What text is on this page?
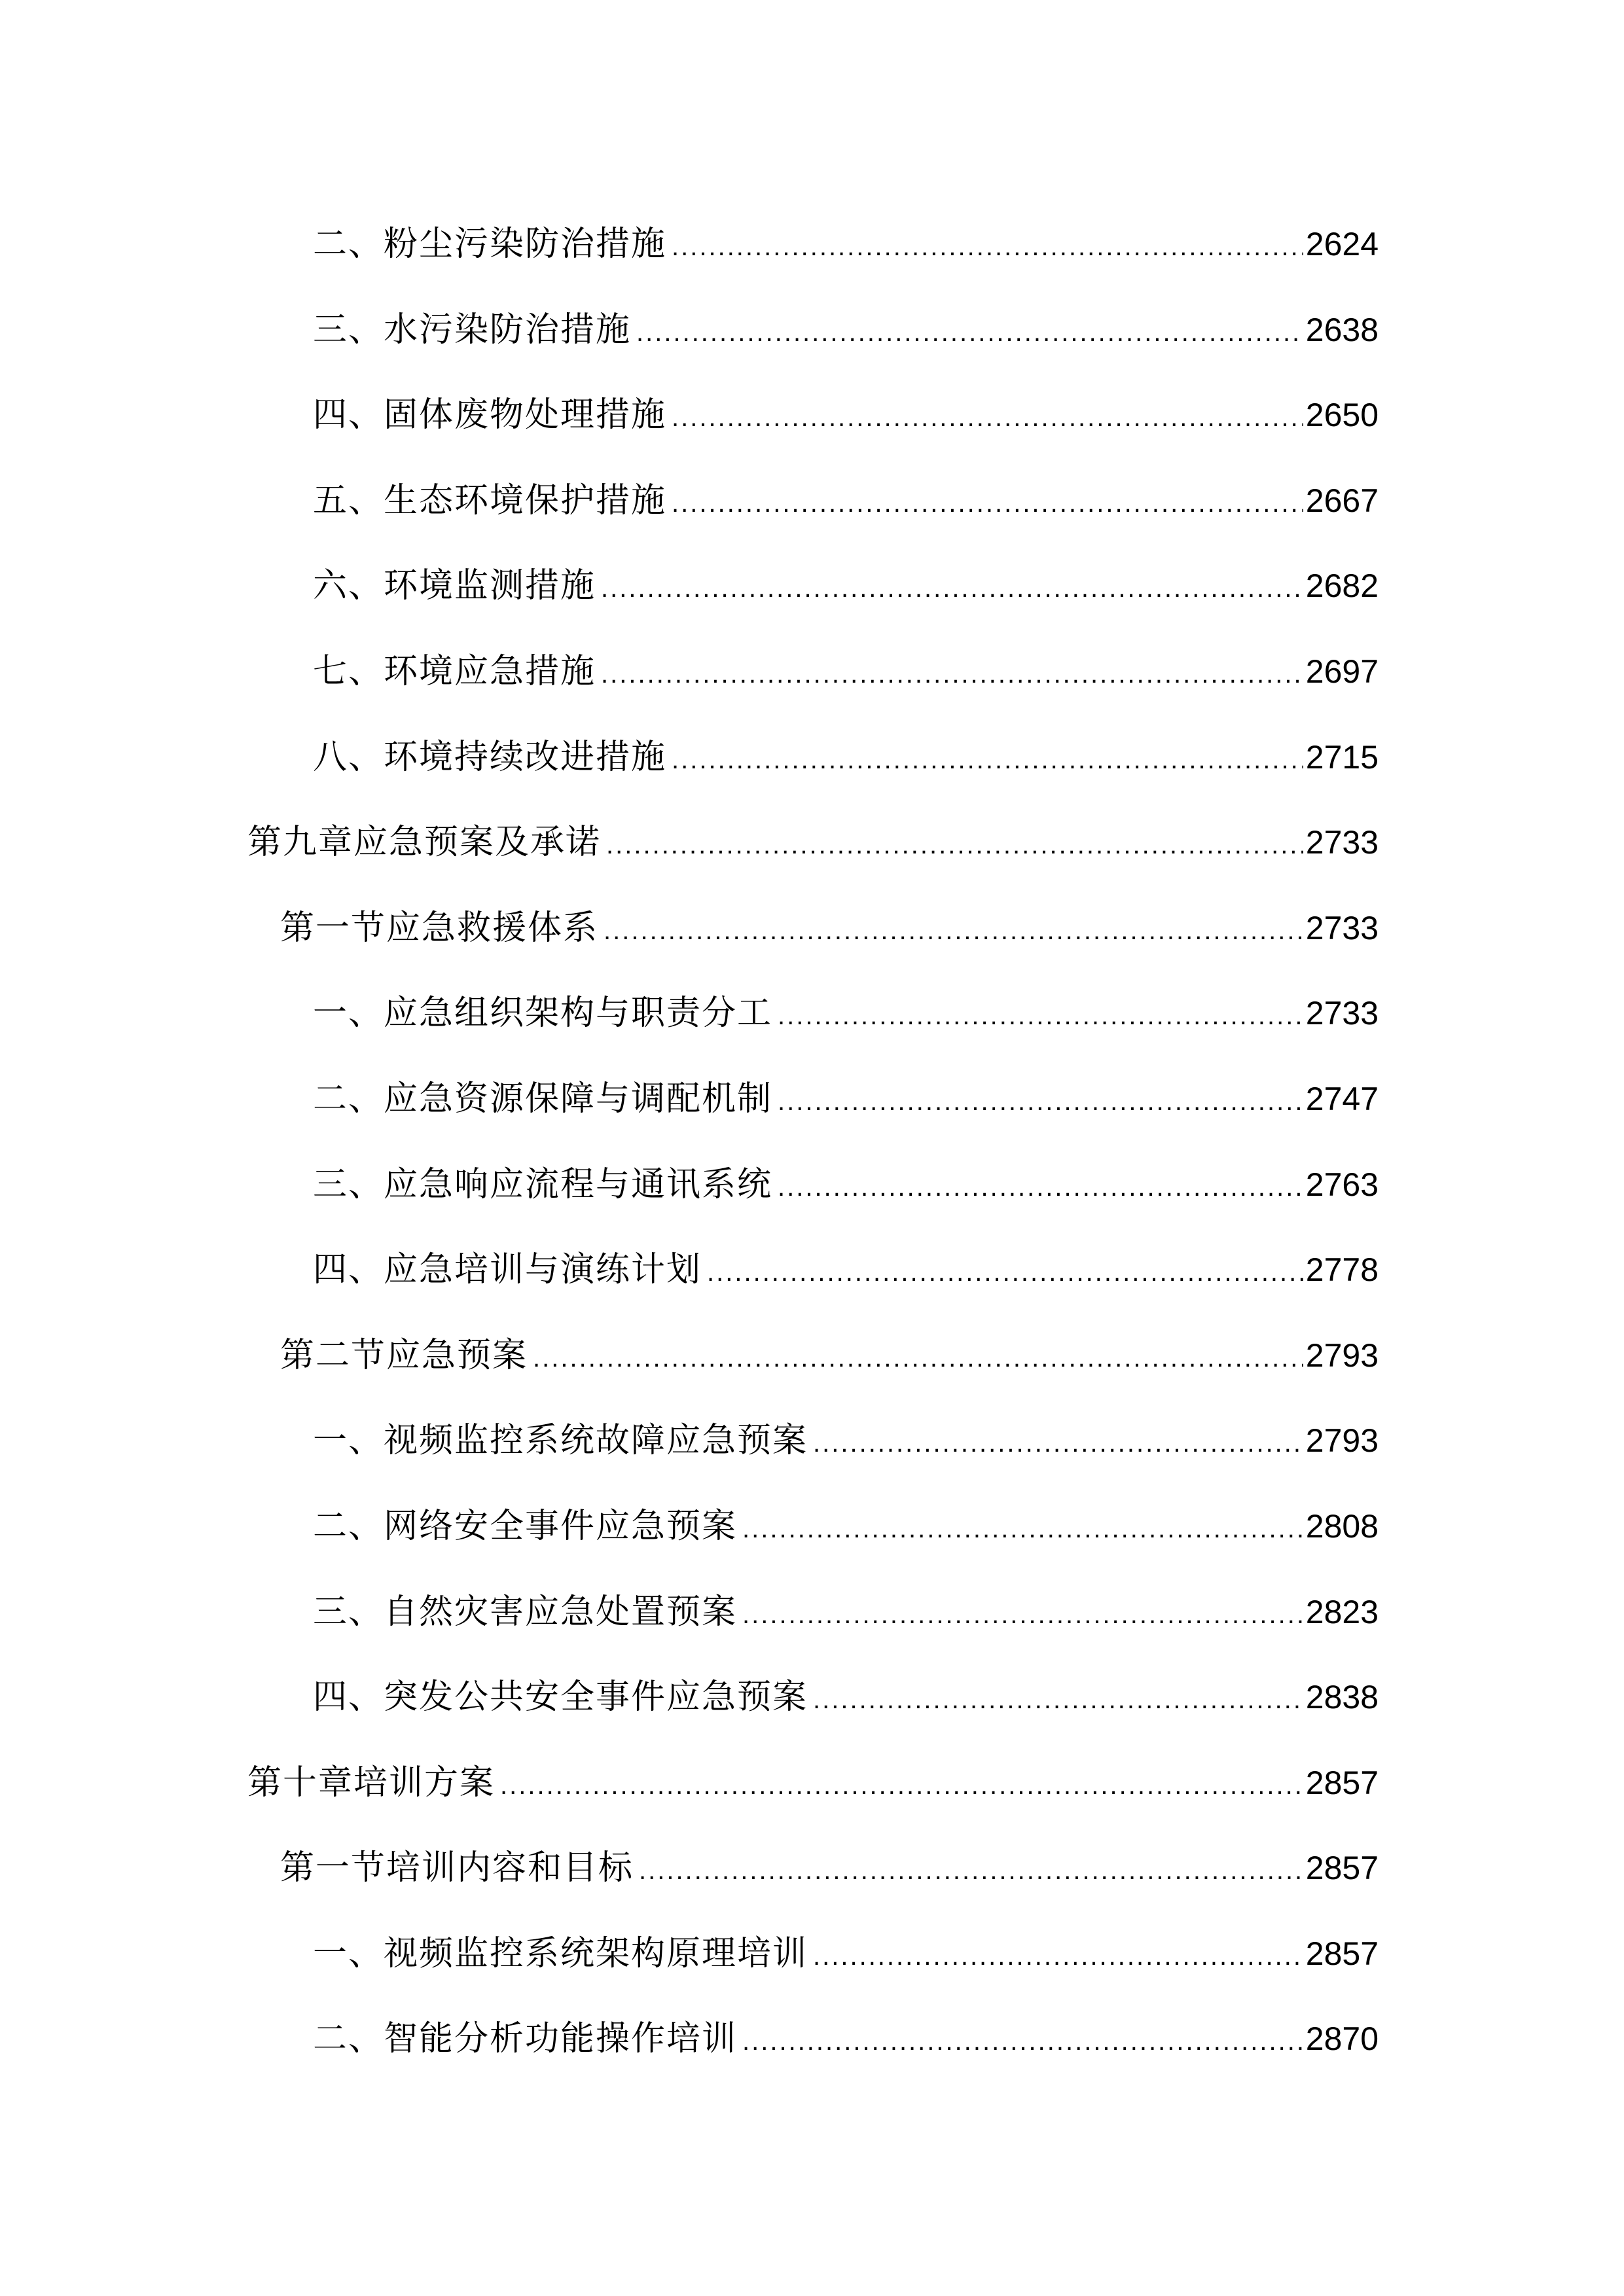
二、粉尘污染防治措施 .....	2624
三、水污染防治措施 .....	2638
四、固体废物处理措施 .....	2650
五、生态环境保护措施 .....	2667
六、环境监测措施 .....	2682
七、环境应急措施 .....	2697
八、环境持续改进措施 .....	2715
第九章应急预案及承诺 .....	2733
第一节应急救援体系 .....	2733
一、应急组织架构与职责分工 .....	2733
二、应急资源保障与调配机制 .....	2747
三、应急响应流程与通讯系统 .....	2763
四、应急培训与演练计划 .....	2778
第二节应急预案 .....	2793
一、视频监控系统故障应急预案 .....	2793
二、网络安全事件应急预案 .....	2808
三、自然灾害应急处置预案 .....	2823
四、突发公共安全事件应急预案 .....	2838
第十章培训方案 .....	2857
第一节培训内容和目标 .....	2857
一、视频监控系统架构原理培训 .....	2857
二、智能分析功能操作培训 .....	2870
